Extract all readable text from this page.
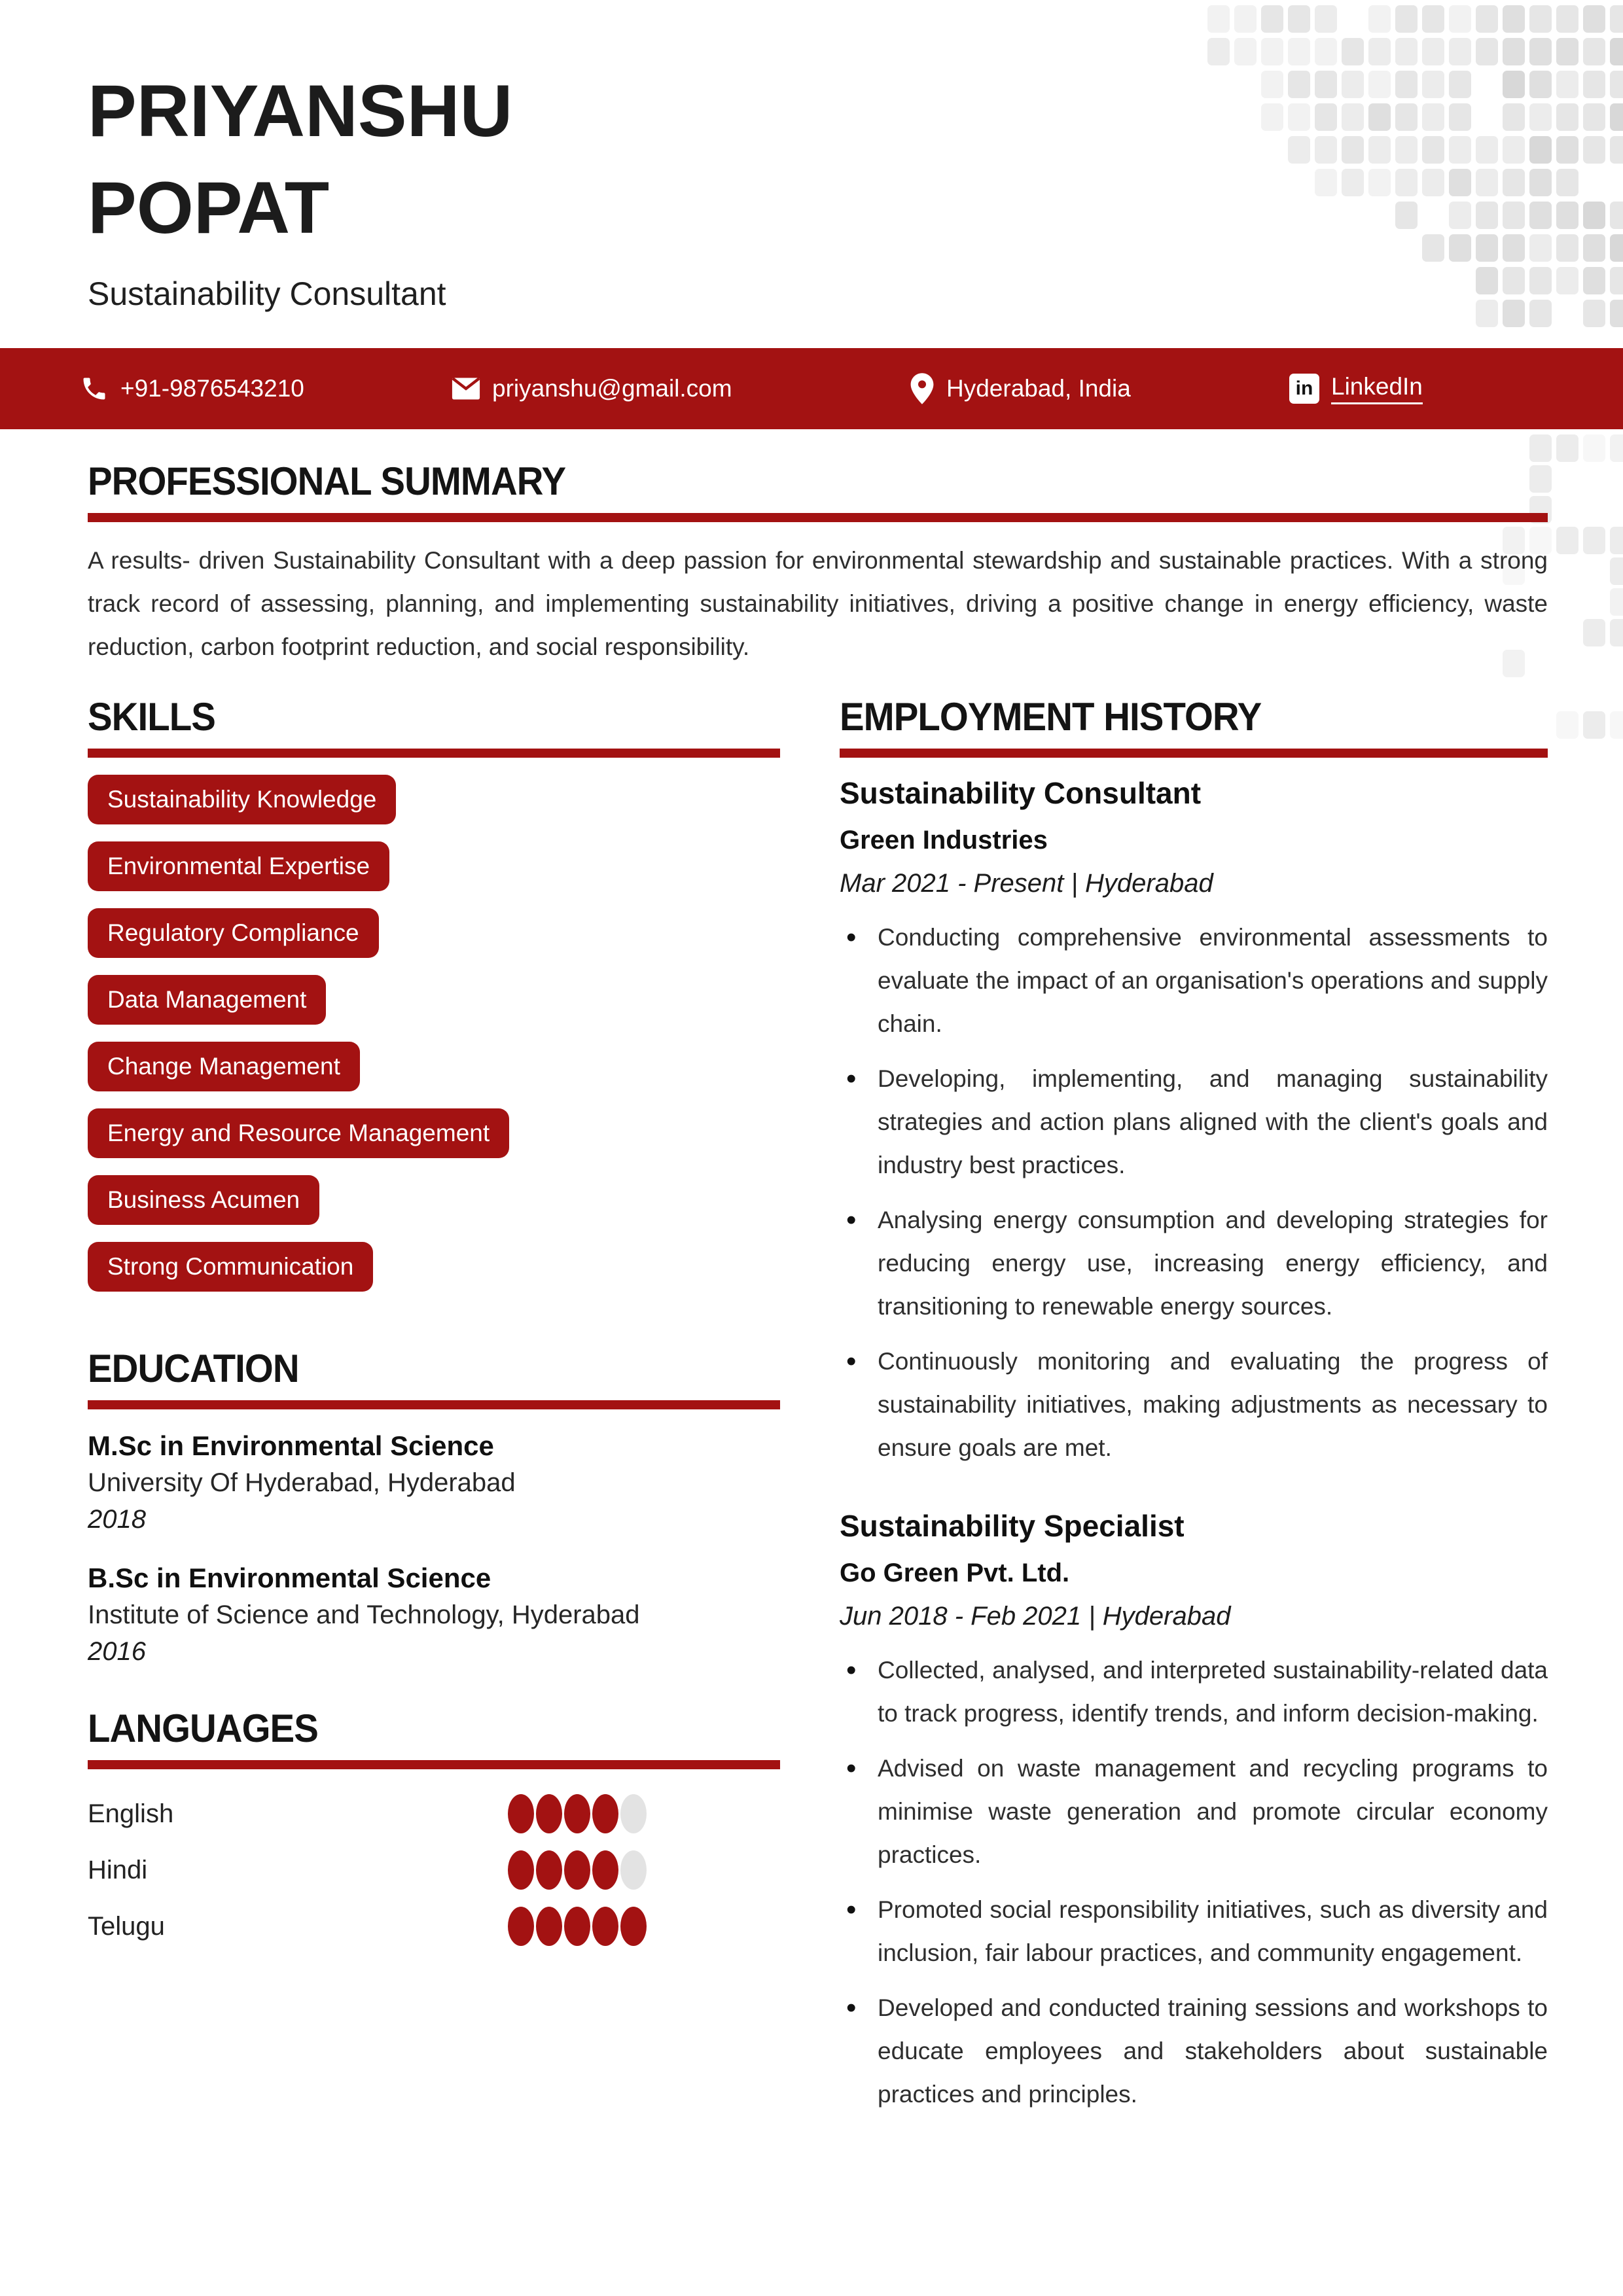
PRIYANSHU
POPAT
Sustainability Consultant
+91-9876543210	priyanshu@gmail.com	Hyderabad, India	in LinkedIn
PROFESSIONAL SUMMARY
A results- driven Sustainability Consultant with a deep passion for environmental stewardship and sustainable practices. With a strong track record of assessing, planning, and implementing sustainability initiatives, driving a positive change in energy efficiency, waste reduction, carbon footprint reduction, and social responsibility.
SKILLS
Sustainability Knowledge
Environmental Expertise
Regulatory Compliance
Data Management
Change Management
Energy and Resource Management
Business Acumen
Strong Communication
EDUCATION
M.Sc in Environmental Science
University Of Hyderabad, Hyderabad
2018
B.Sc in Environmental Science
Institute of Science and Technology, Hyderabad
2016
LANGUAGES
English
Hindi
Telugu
EMPLOYMENT HISTORY
Sustainability Consultant
Green Industries
Mar 2021 - Present | Hyderabad
• Conducting comprehensive environmental assessments to evaluate the impact of an organisation's operations and supply chain.
• Developing, implementing, and managing sustainability strategies and action plans aligned with the client's goals and industry best practices.
• Analysing energy consumption and developing strategies for reducing energy use, increasing energy efficiency, and transitioning to renewable energy sources.
• Continuously monitoring and evaluating the progress of sustainability initiatives, making adjustments as necessary to ensure goals are met.
Sustainability Specialist
Go Green Pvt. Ltd.
Jun 2018 - Feb 2021 | Hyderabad
• Collected, analysed, and interpreted sustainability-related data to track progress, identify trends, and inform decision-making.
• Advised on waste management and recycling programs to minimise waste generation and promote circular economy practices.
• Promoted social responsibility initiatives, such as diversity and inclusion, fair labour practices, and community engagement.
• Developed and conducted training sessions and workshops to educate employees and stakeholders about sustainable practices and principles.
